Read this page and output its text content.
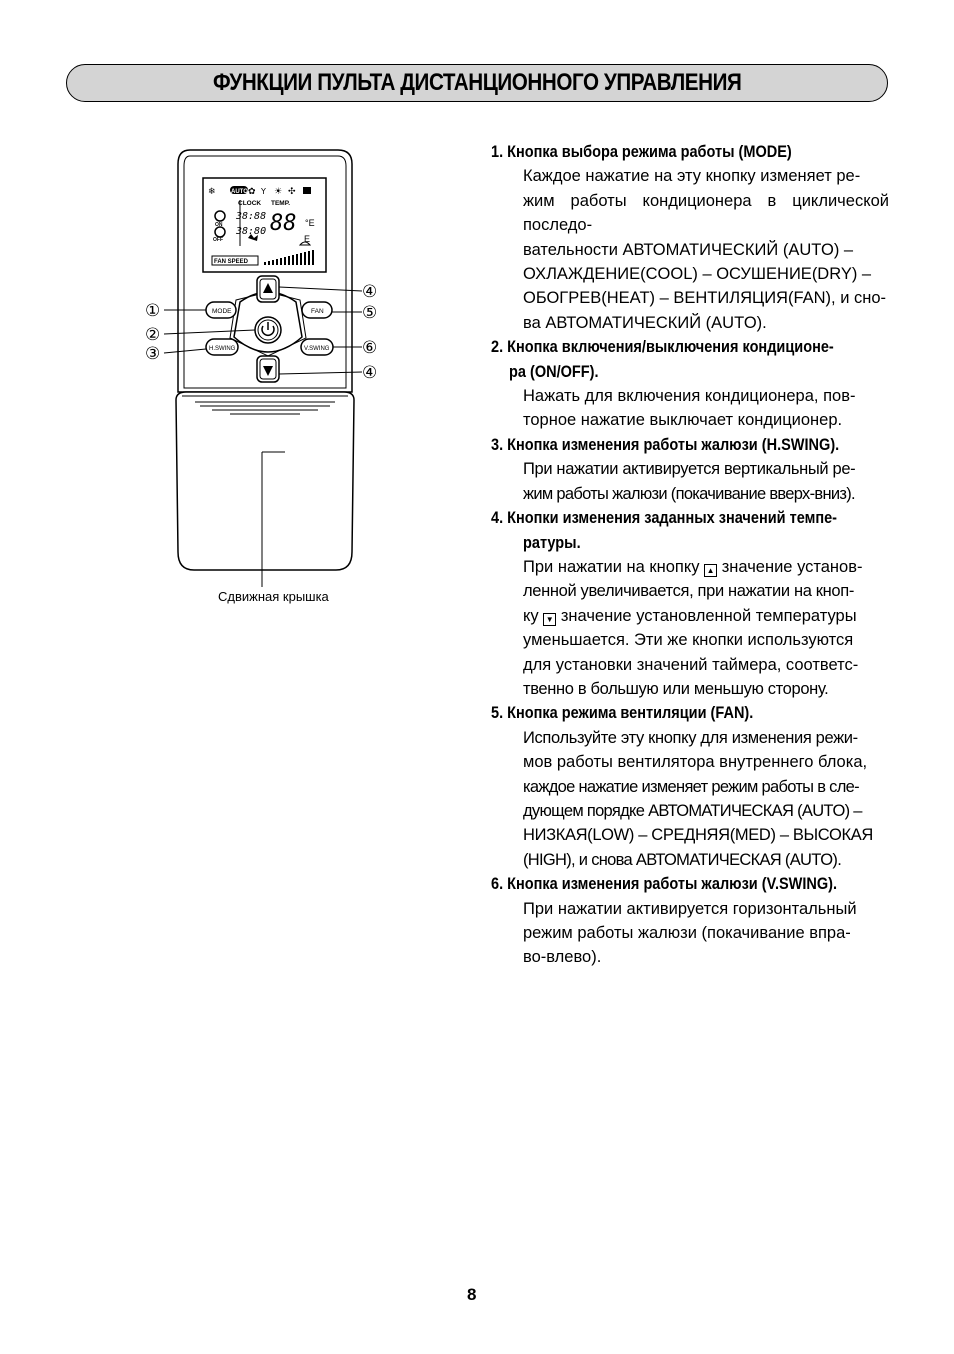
ФУНКЦИИ ПУЛЬТА ДИСТАНЦИОННОГО УПРАВЛЕНИЯ
AUTO
❄	✿ Y ☀ ✣
CLOCK TEMP.
ON
OFF
38:88
38:80 88 °E
E
FAN SPEED
MODE	FAN
H.SWING	V.SWING
①
②
③
④
⑤
⑥
④
Сдвижная крышка

1. Кнопка выбора режима работы (MODE)

Каждое нажатие на эту кнопку изменяет ре-
жим работы кондиционера в циклической последо-
вательности АВТОМАТИЧЕСКИЙ (AUTO) –
ОХЛАЖДЕНИЕ(COOL) – ОСУШЕНИЕ(DRY) –
ОБОГРЕВ(HEAT) – ВЕНТИЛЯЦИЯ(FAN), и сно-
ва АВТОМАТИЧЕСКИЙ (AUTO).

2. Кнопка включения/выключения кондиционе-

ра (ON/OFF).

Нажать для включения кондиционера, пов-
торное нажатие выключает кондиционер.

3. Кнопка изменения работы жалюзи (H.SWING).

При нажатии активируется вертикальный ре-
жим работы жалюзи (покачивание вверх-вниз).

4. Кнопки изменения заданных значений темпе-

ратуры.

При нажатии на кнопку ▲ значение установ-
ленной увеличивается, при нажатии на кноп-
ку ▼ значение установленной температуры
уменьшается. Эти же кнопки используются
для установки значений таймера, соответс-
твенно в большую или меньшую сторону.

5. Кнопка режима вентиляции (FAN).

Используйте эту кнопку для изменения режи-
мов работы вентилятора внутреннего блока,
каждое нажатие изменяет режим работы в сле-
дующем порядке АВТОМАТИЧЕСКАЯ (AUTO) –
НИЗКАЯ(LOW) – СРЕДНЯЯ(MED) – ВЫСОКАЯ
(HIGH), и снова АВТОМАТИЧЕСКАЯ (AUTO).

6. Кнопка изменения работы жалюзи (V.SWING).

При нажатии активируется горизонтальный
режим работы жалюзи (покачивание впра-
во-влево).
8
